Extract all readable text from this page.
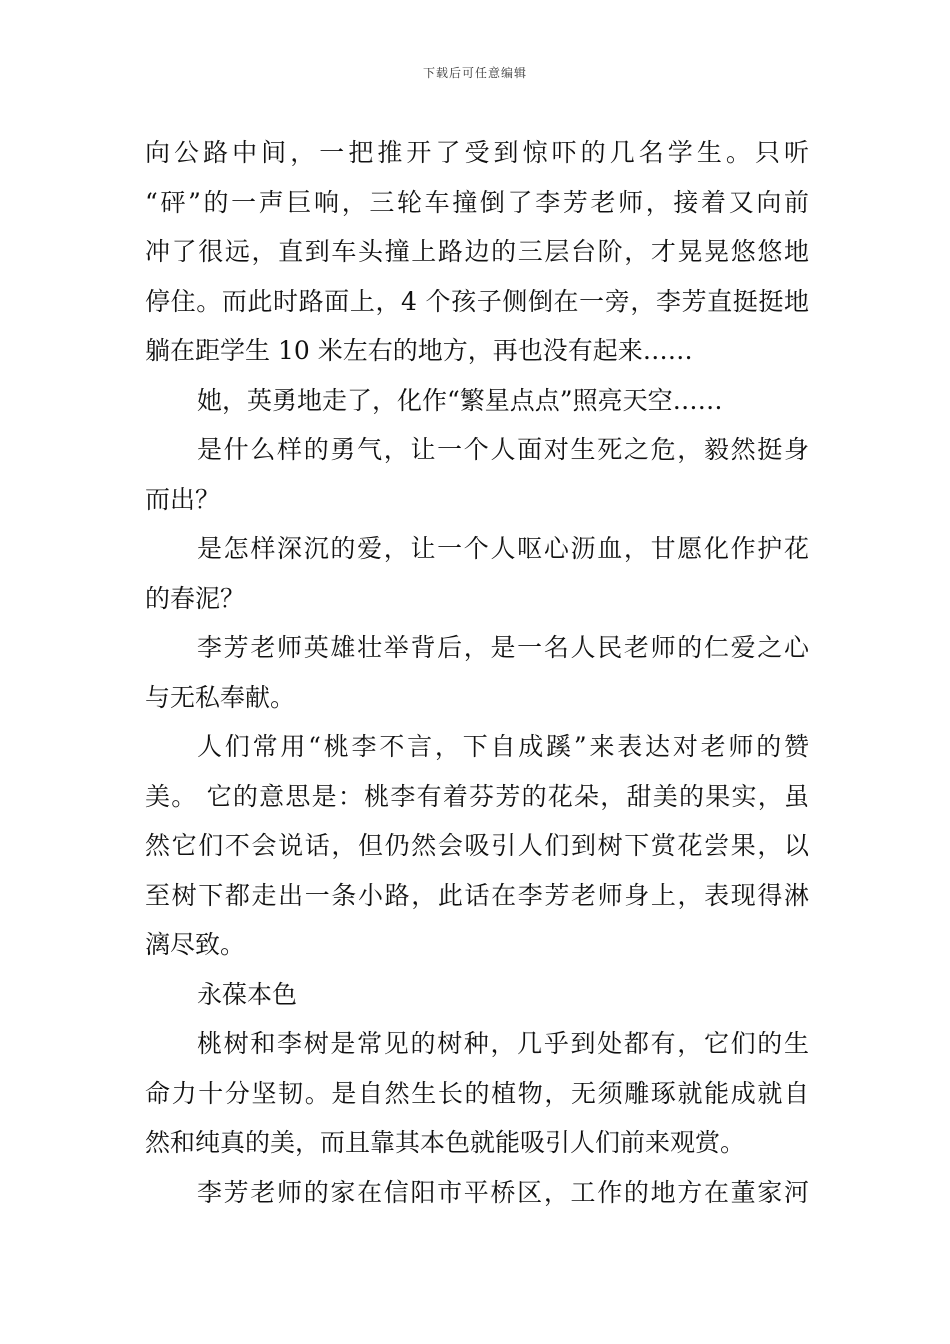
下载后可任意编辑
向公路中间，一把推开了受到惊吓的几名学生。只听
“砰”的一声巨响，三轮车撞倒了李芳老师，接着又向前
冲了很远，直到车头撞上路边的三层台阶，才晃晃悠悠地
停住。而此时路面上，4 个孩子侧倒在一旁，李芳直挺挺地
躺在距学生 10 米左右的地方，再也没有起来……
她，英勇地走了，化作“繁星点点”照亮天空……
是什么样的勇气，让一个人面对生死之危，毅然挺身
而出？
是怎样深沉的爱，让一个人呕心沥血，甘愿化作护花
的春泥？
李芳老师英雄壮举背后，是一名人民老师的仁爱之心
与无私奉献。
人们常用“桃李不言，下自成蹊”来表达对老师的赞
美。 它的意思是：桃李有着芬芳的花朵，甜美的果实，虽
然它们不会说话，但仍然会吸引人们到树下赏花尝果，以
至树下都走出一条小路，此话在李芳老师身上，表现得淋
漓尽致。
永葆本色
桃树和李树是常见的树种，几乎到处都有，它们的生
命力十分坚韧。是自然生长的植物，无须雕琢就能成就自
然和纯真的美，而且靠其本色就能吸引人们前来观赏。
李芳老师的家在信阳市平桥区，工作的地方在董家河
